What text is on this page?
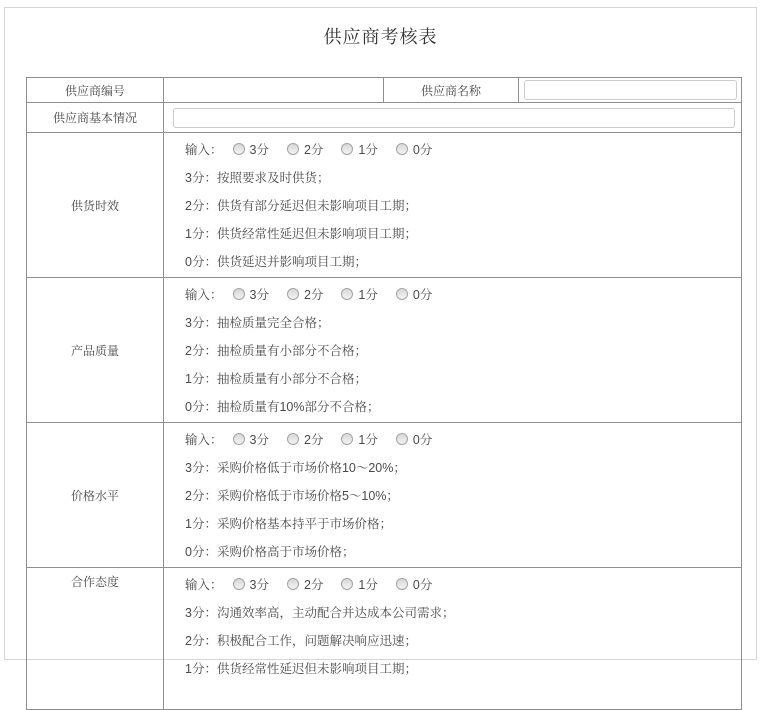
供应商考核表
供应商编号		供应商名称	

供应商基本情况	

供货时效	
输入： 3分	2分	1分	0分
3分：按照要求及时供货；
2分：供货有部分延迟但未影响项目工期；
1分：供货经常性延迟但未影响项目工期；
0分：供货延迟并影响项目工期；

产品质量	
输入： 3分	2分	1分	0分
3分：抽检质量完全合格；
2分：抽检质量有小部分不合格；
1分：抽检质量有小部分不合格；
0分：抽检质量有10%部分不合格；

价格水平	
输入： 3分	2分	1分	0分
3分：采购价格低于市场价格10～20%；
2分：采购价格低于市场价格5～10%；
1分：采购价格基本持平于市场价格；
0分：采购价格高于市场价格；

合作态度	输入： 3分	2分	1分	0分
3分：沟通效率高，主动配合并达成本公司需求；
2分：积极配合工作，问题解决响应迅速；
1分：供货经常性延迟但未影响项目工期；
